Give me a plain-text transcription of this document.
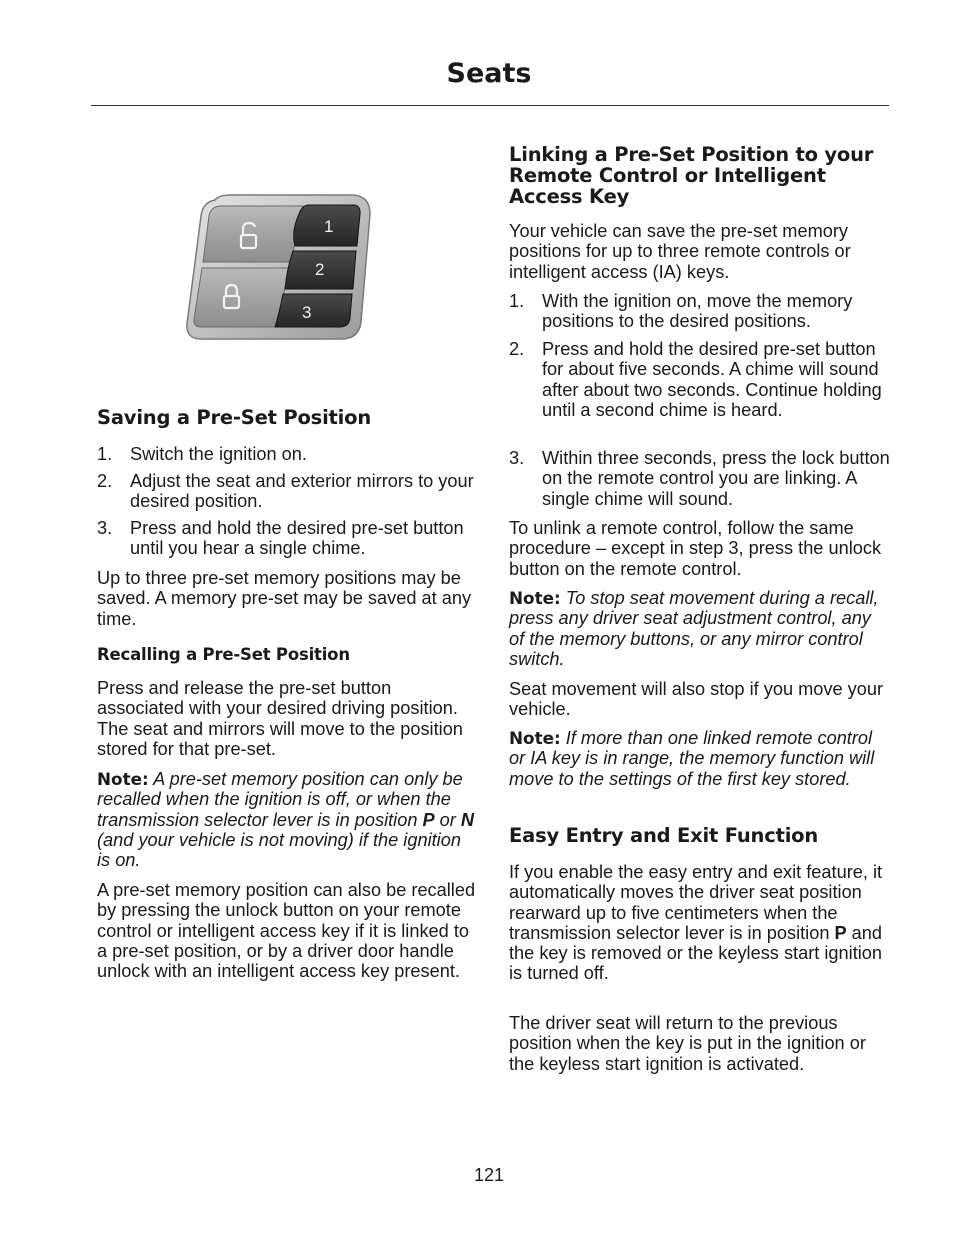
Seats
1
2
3
Saving a Pre-Set Position
1. Switch the ignition on.
2. Adjust the seat and exterior mirrors to your desired position.
3. Press and hold the desired pre-set button until you hear a single chime.

Up to three pre-set memory positions may be saved. A memory pre-set may be saved at any time.

Recalling a Pre-Set Position

Press and release the pre-set button associated with your desired driving position. The seat and mirrors will move to the position stored for that pre-set.

Note: A pre-set memory position can only be recalled when the ignition is off, or when the transmission selector lever is in position P or N (and your vehicle is not moving) if the ignition is on.

A pre-set memory position can also be recalled by pressing the unlock button on your remote control or intelligent access key if it is linked to a pre-set position, or by a driver door handle unlock with an intelligent access key present.

Linking a Pre-Set Position to your Remote Control or Intelligent Access Key

Your vehicle can save the pre-set memory positions for up to three remote controls or intelligent access (IA) keys.

1. With the ignition on, move the memory positions to the desired positions.
2. Press and hold the desired pre-set button for about five seconds. A chime will sound after about two seconds. Continue holding until a second chime is heard.
3. Within three seconds, press the lock button on the remote control you are linking. A single chime will sound.

To unlink a remote control, follow the same procedure – except in step 3, press the unlock button on the remote control.

Note: To stop seat movement during a recall, press any driver seat adjustment control, any of the memory buttons, or any mirror control switch.

Seat movement will also stop if you move your vehicle.

Note: If more than one linked remote control or IA key is in range, the memory function will move to the settings of the first key stored.

Easy Entry and Exit Function

If you enable the easy entry and exit feature, it automatically moves the driver seat position rearward up to five centimeters when the transmission selector lever is in position P and the key is removed or the keyless start ignition is turned off.

The driver seat will return to the previous position when the key is put in the ignition or the keyless start ignition is activated.

121
